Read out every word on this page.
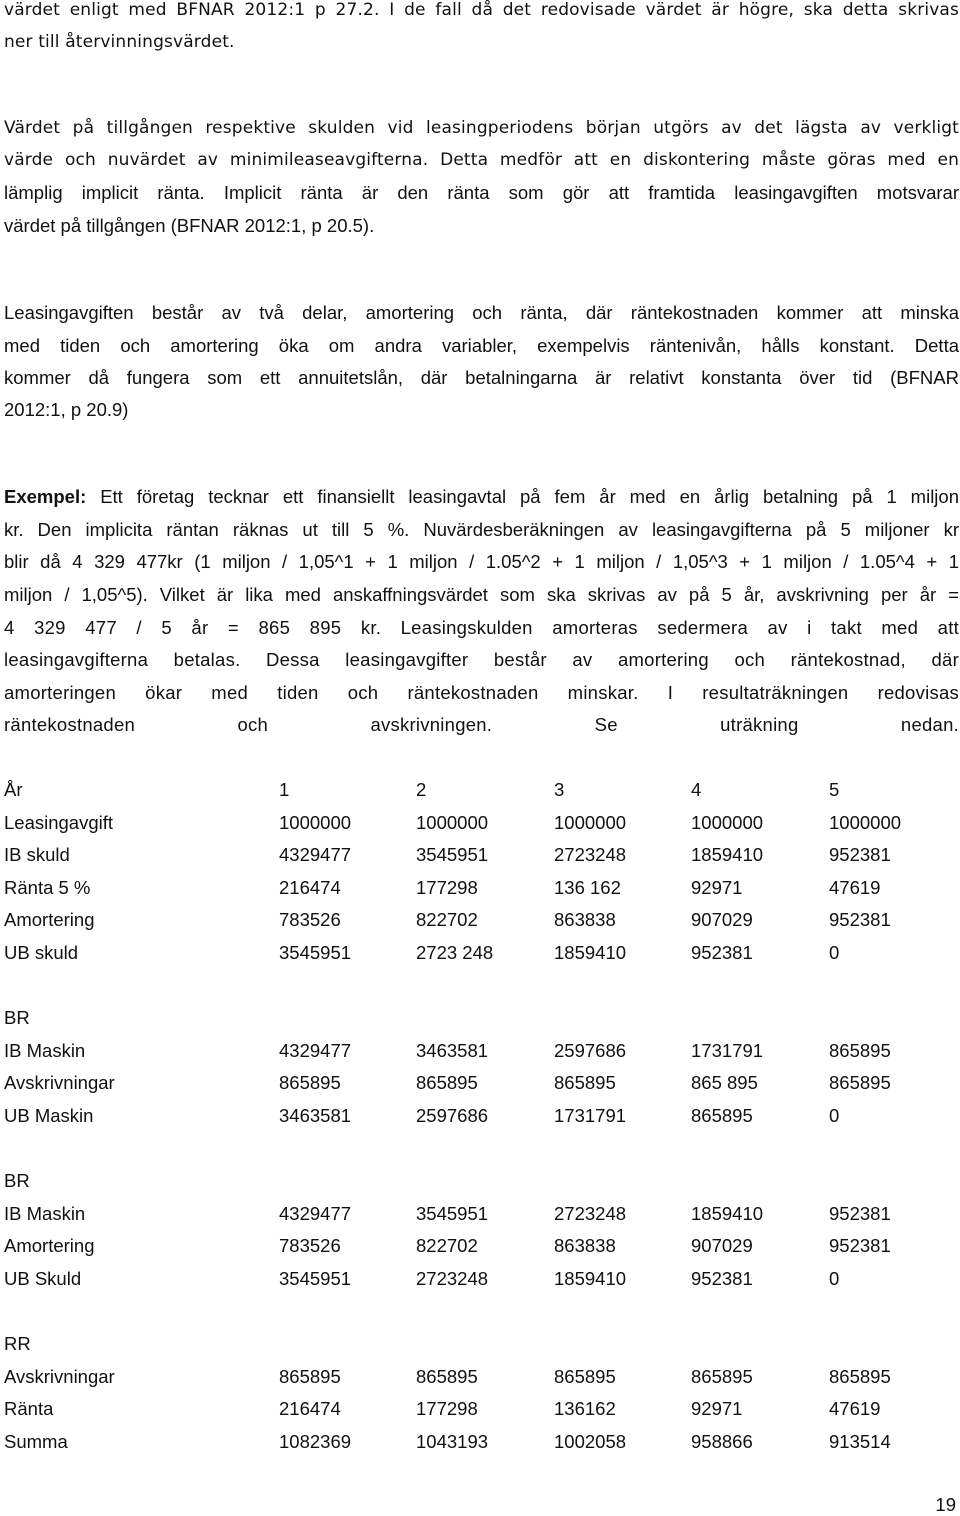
värdet enligt med BFNAR 2012:1 p 27.2. I de fall då det redovisade värdet är högre, ska detta skrivas

ner till återvinningsvärdet.

Värdet på tillgången respektive skulden vid leasingperiodens början utgörs av det lägsta av verkligt

värde och nuvärdet av minimileaseavgifterna. Detta medför att en diskontering måste göras med en

lämplig implicit ränta. Implicit ränta är den ränta som gör att framtida leasingavgiften motsvarar

värdet på tillgången (BFNAR 2012:1, p 20.5).

Leasingavgiften består av två delar, amortering och ränta, där räntekostnaden kommer att minska

med tiden och amortering öka om andra variabler, exempelvis räntenivån, hålls konstant. Detta

kommer då fungera som ett annuitetslån, där betalningarna är relativt konstanta över tid (BFNAR

2012:1, p 20.9)

Exempel: Ett företag tecknar ett finansiellt leasingavtal på fem år med en årlig betalning på 1 miljon

kr. Den implicita räntan räknas ut till 5 %. Nuvärdesberäkningen av leasingavgifterna på 5 miljoner kr

blir då 4 329 477kr (1 miljon / 1,05^1 + 1 miljon / 1.05^2 + 1 miljon / 1,05^3 + 1 miljon / 1.05^4 + 1

miljon / 1,05^5). Vilket är lika med anskaffningsvärdet som ska skrivas av på 5 år, avskrivning per år =

4 329 477 / 5 år = 865 895 kr. Leasingskulden amorteras sedermera av i takt med att

leasingavgifterna betalas. Dessa leasingavgifter består av amortering och räntekostnad, där

amorteringen ökar med tiden och räntekostnaden minskar. I resultaträkningen redovisas

räntekostnaden och avskrivningen. Se uträkning nedan.

År	1	2	3	4	5
Leasingavgift	1000000	1000000	1000000	1000000	1000000
IB skuld	4329477	3545951	2723248	1859410	952381
Ränta 5 %	216474	177298	136 162	92971	47619
Amortering	783526	822702	863838	907029	952381
UB skuld	3545951	2723 248	1859410	952381	0
BR
IB Maskin	4329477	3463581	2597686	1731791	865895
Avskrivningar	865895	865895	865895	865 895	865895
UB Maskin	3463581	2597686	1731791	865895	0
BR
IB Maskin	4329477	3545951	2723248	1859410	952381
Amortering	783526	822702	863838	907029	952381
UB Skuld	3545951	2723248	1859410	952381	0
RR
Avskrivningar	865895	865895	865895	865895	865895
Ränta	216474	177298	136162	92971	47619
Summa	1082369	1043193	1002058	958866	913514
19
